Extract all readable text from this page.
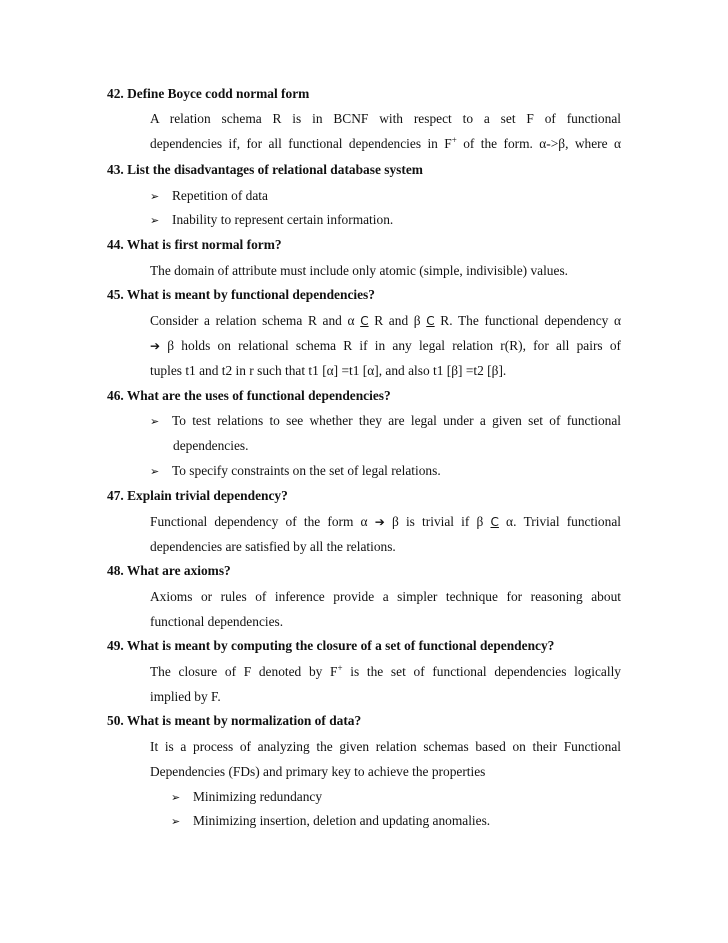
42. Define Boyce codd normal form
A relation schema R is in BCNF with respect to a set F of functional
dependencies if, for all functional dependencies in F+ of the form. α->β, where α
43. List the disadvantages of relational database system
➢ Repetition of data
➢ Inability to represent certain information.
44. What is first normal form?
The domain of attribute must include only atomic (simple, indivisible) values.
45. What is meant by functional dependencies?
Consider a relation schema R and α C R and β C R. The functional dependency α
➔ β holds on relational schema R if in any legal relation r(R), for all pairs of
tuples t1 and t2 in r such that t1 [α] =t1 [α], and also t1 [β] =t2 [β].
46. What are the uses of functional dependencies?
➢ To test relations to see whether they are legal under a given set of functional
dependencies.
➢ To specify constraints on the set of legal relations.
47. Explain trivial dependency?
Functional dependency of the form α ➔ β is trivial if β C α. Trivial functional
dependencies are satisfied by all the relations.
48. What are axioms?
Axioms or rules of inference provide a simpler technique for reasoning about
functional dependencies.
49. What is meant by computing the closure of a set of functional dependency?
The closure of F denoted by F+ is the set of functional dependencies logically
implied by F.
50. What is meant by normalization of data?
It is a process of analyzing the given relation schemas based on their Functional
Dependencies (FDs) and primary key to achieve the properties
➢ Minimizing redundancy
➢ Minimizing insertion, deletion and updating anomalies.
